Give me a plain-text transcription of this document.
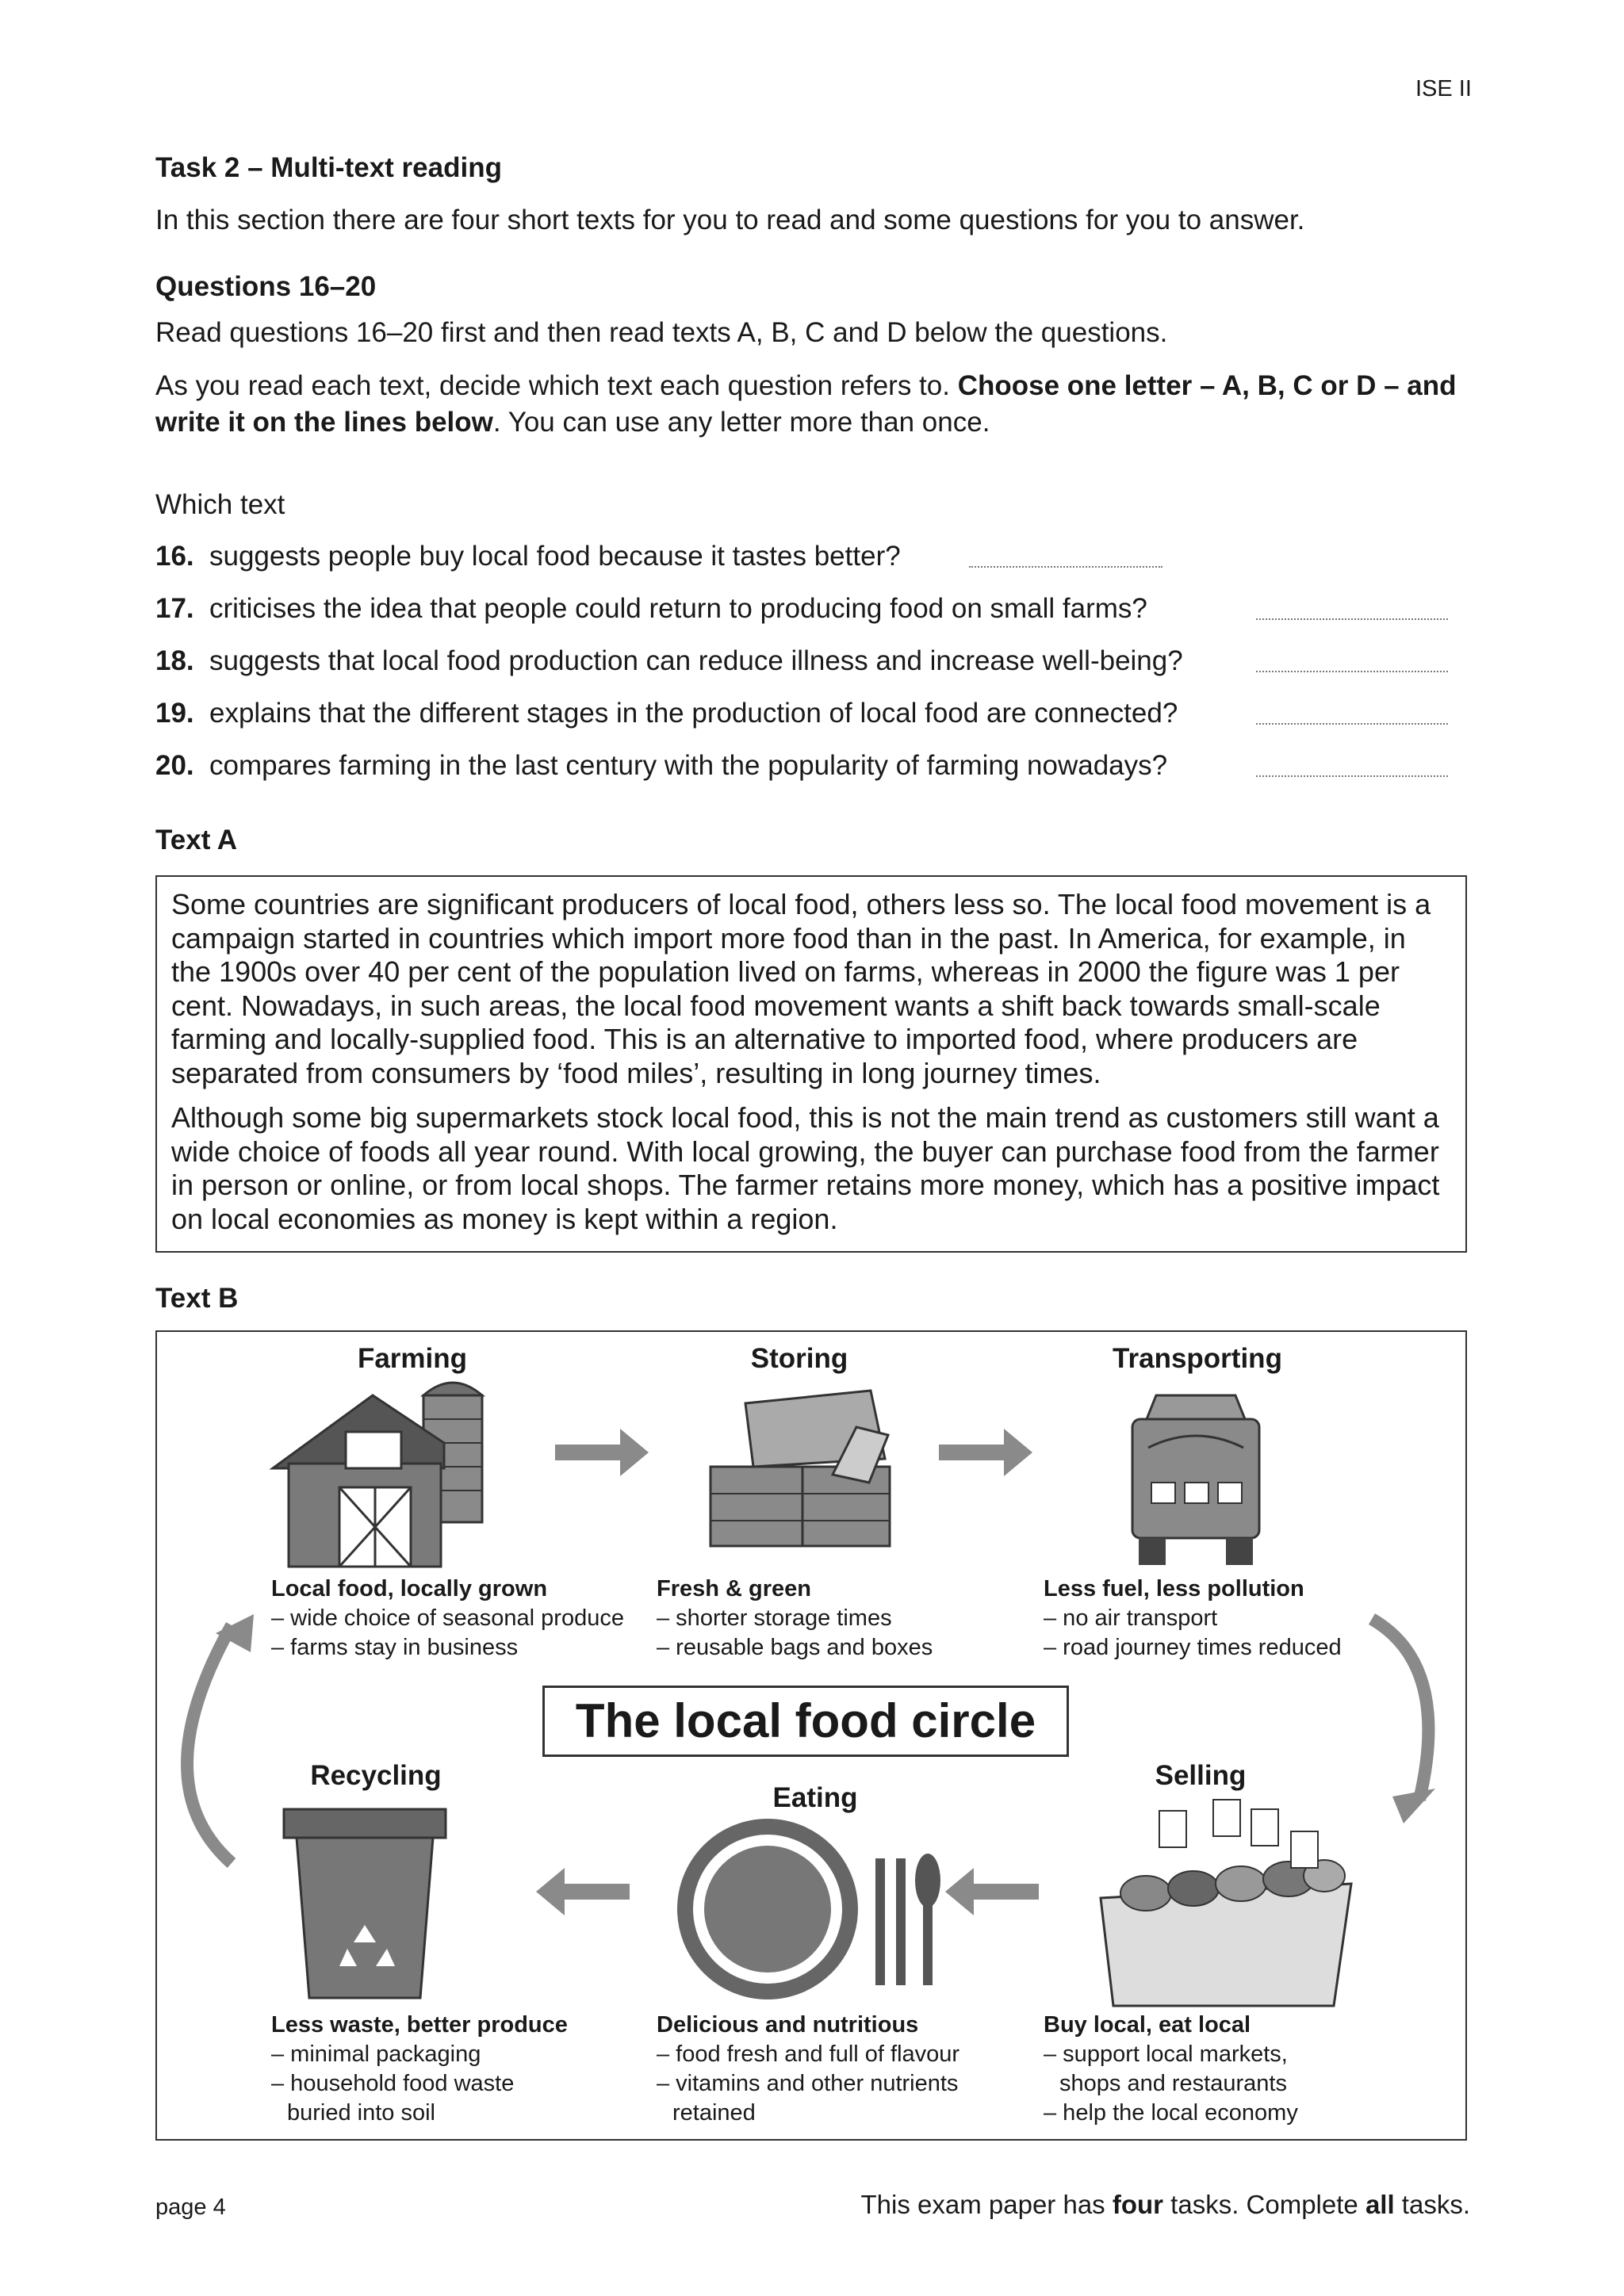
ISE II
Task 2 – Multi-text reading
In this section there are four short texts for you to read and some questions for you to answer.
Questions 16–20
Read questions 16–20 first and then read texts A, B, C and D below the questions.
As you read each text, decide which text each question refers to. Choose one letter – A, B, C or D – and write it on the lines below. You can use any letter more than once.
Which text
16. suggests people buy local food because it tastes better?
17. criticises the idea that people could return to producing food on small farms?
18. suggests that local food production can reduce illness and increase well-being?
19. explains that the different stages in the production of local food are connected?
20. compares farming in the last century with the popularity of farming nowadays?
Text A

Some countries are significant producers of local food, others less so. The local food movement is a campaign started in countries which import more food than in the past. In America, for example, in the 1900s over 40 per cent of the population lived on farms, whereas in 2000 the figure was 1 per cent. Nowadays, in such areas, the local food movement wants a shift back towards small-scale farming and locally-supplied food. This is an alternative to imported food, where producers are separated from consumers by ‘food miles’, resulting in long journey times.

Although some big supermarkets stock local food, this is not the main trend as customers still want a wide choice of foods all year round. With local growing, the buyer can purchase food from the farmer in person or online, or from local shops. The farmer retains more money, which has a positive impact on local economies as money is kept within a region.

Text B
Farming	Storing	Transporting
Recycling
Eating
Selling
Local food, locally grown
– wide choice of seasonal produce
– farms stay in business
Fresh & green
– shorter storage times
– reusable bags and boxes
Less fuel, less pollution
– no air transport
– road journey times reduced
The local food circle
Less waste, better produce
– minimal packaging
– household food waste
buried into soil
Delicious and nutritious
– food fresh and full of flavour
– vitamins and other nutrients
retained
Buy local, eat local
– support local markets,
shops and restaurants
– help the local economy
page 4	This exam paper has four tasks. Complete all tasks.
